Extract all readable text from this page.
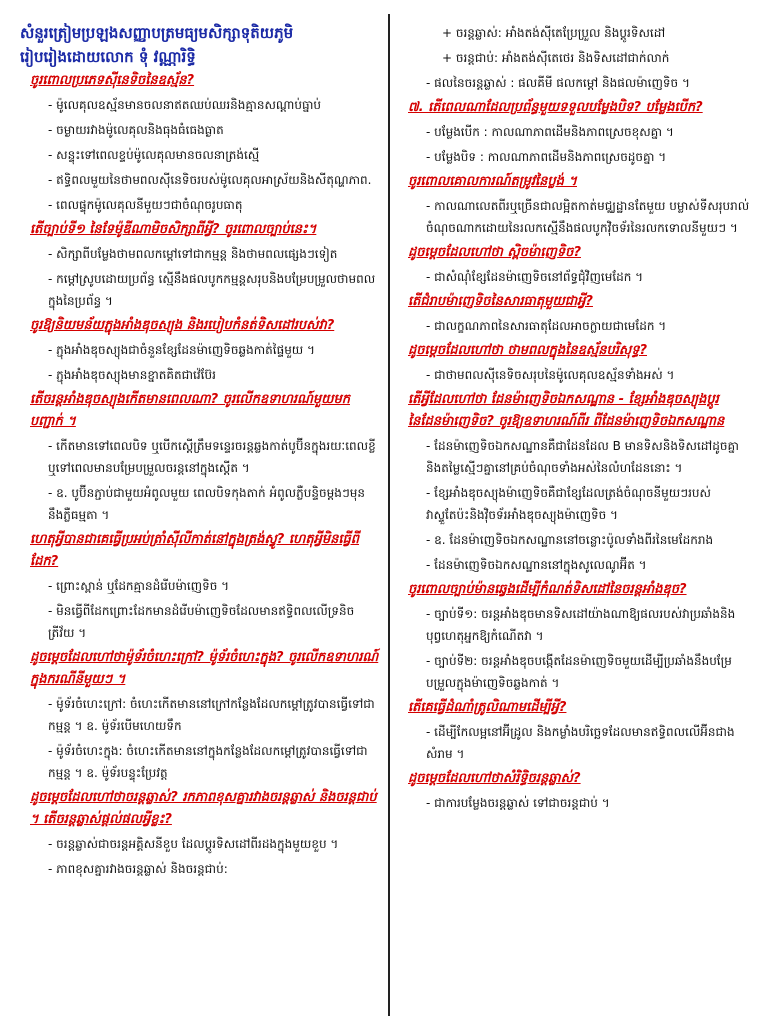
សំនួរត្រៀមប្រឡងសញ្ញាបត្រមធ្យមសិក្សាទុតិយភូមិ
រៀបរៀងដោយលោក ទុំ វណ្ណារិទ្ធិ
ចូរពោលប្រភេទស៊ីនេទិចនៃឧស្ម័ន?
- ម៉ូលេគុលឧស្ម័នមានចលនាឥតឈប់ឈរនិងគ្មានសណ្ដាប់ធ្នាប់
- ចម្ងាយរវាងម៉ូលេគុលនិងធុងធំធេងធ្ងាត
- សន្ទុះទៅពេលខ្ទប់ម៉ូលេគុលមានចលនាត្រង់ស្មើ
- ឥទ្ធិពលមួយនៃថាមពលស៊ីនេទិចរបស់ម៉ូលេគុលអាស្រ័យនិងសីតុណ្ហភាព.
- ពេលផ្ទុកម៉ូលេគុលនីមួយៗជាចំណុចរូបធាតុ
តើច្បាប់ទី១ នៃទែម៉ូឌីណាមិចសិក្សាពីអ្វី? ចូរពោលច្បាប់នេះ។
- សិក្សាពីបម្លែងថាមពលកម្ដៅទៅជាកម្មន្ដ និងថាមពលផ្សេងៗទៀត
- កម្ដៅស្រូបដោយប្រព័ន្ធ ស្មើនឹងផលបូកកម្មន្ដសរុបនិងបម្រែបម្រួលថាមពលក្នុងនៃប្រព័ន្ធ ។
ចូរឱ្យនិយមន័យភ្ជុងអាំងឌុចស្យុង និងរបៀបកំនត់ទិសដៅរបស់វា?
- ភ្ជុងអាំងឌុចស្យុងជាចំនួនខ្សែដែនម៉ាញេទិចឆ្លងកាត់ផ្ទៃមួយ ។
- ភ្ជុងអាំងឌុចស្យុងមានខ្នាតគិតជាវ៉េប៊ែរ
តើចរន្តអាំងឌុចស្យុងកើតមានពេលណា? ចូរលើកឧទាហរណ៍មួយមកបញ្ជាក់ ។
- កើតមានទៅពេលបិទ ឬបើកស្ដើត្រឹមទន្ទេរចរន្តឆ្លងកាត់បូប៊ីនក្នុងរយៈពេលខ្លី ឬទៅពេលមានបម្រែបម្រួលចរន្តនៅក្នុងស្ដើត ។
- ឧ. បូប៊ីនភ្ជាប់ជាមួយអំពូលមួយ ពេលបិទកុងតាក់ អំពូលភ្លឺបន្ទិចម្ដងៗមុននឹងភ្លឺធម្មតា ។
ហេតុអ្វីបានជាគេធ្វើប្រអប់ត្រាំស៊ីលីកាត់នៅក្នុងត្រង់ស្វូ? ហេតុអ្វីមិនធ្វើពីដែក?
- ព្រោះស្ពាន់ ឬដែកគ្មានដំរើបម៉ាញេទិច ។
- មិនធ្វើពីដែកព្រោះដែកមានដំរើបម៉ាញេទិចដែលមានឥទ្ធិពលលើទ្រនិចត្រីវ័យ ។
ដូចម្ដេចដែលហៅថាម៉ូទ័រចំហេះក្រៅ? ម៉ូទ័រចំហេះក្នុង? ចូរលើកឧទាហរណ៍ក្នុងករណីនីមួយៗ ។
- ម៉ូទ័រចំហេះក្រៅ: ចំហេះកើតមាននៅក្រៅកន្លែងដែលកម្ដៅត្រូវបានធ្វើទៅជាកម្មន្ដ ។ ឧ. ម៉ូទ័របើមហេយទឹក
- ម៉ូទ័រចំហេះក្នុង: ចំហេះកើតមាននៅក្នុងកន្លែងដែលកម្ដៅត្រូវបានធ្វើទៅជាកម្មន្ដ ។ ឧ. ម៉ូទ័របន្ទុះប្រែវត្ត
ដូចម្ដេចដែលហៅថាចរន្តឆ្លាស់? រកភាពខុសគ្នារវាងចរន្តឆ្លាស់ និងចរន្តជាប់ ។ តើចរន្តឆ្លាស់ផ្ដល់ផលអ្វីខ្លះ?
- ចរន្តឆ្លាស់ជាចរន្តអគ្គិសនីខួប ដែលប្ដូរទិសដៅពីរដងក្នុងមួយខួប ។
- ភាពខុសគ្នារវាងចរន្តឆ្លាស់ និងចរន្តជាប់:
+ ចរន្តឆ្លាស់: អាំងតង់ស៊ីតេប្រែប្រួល និងប្ដូរទិសដៅ
+ ចរន្តជាប់: អាំងតង់ស៊ីតេថេរ និងទិសដៅជាក់លាក់
- ផលនៃចរន្តឆ្លាស់ : ផលគីមី ផលកម្ដៅ និងផលម៉ាញេទិច ។
៧. តើពេលណាដែលប្រព័ន្ធមួយទទួលបម្លែងបិទ? បម្លែងបើក?
- បម្លែងបើក : កាលណាភាពដើមនិងភាពស្រេចខុសគ្នា ។
- បម្លែងបិទ : កាលណាភាពដើមនិងភាពស្រេចដូចគ្នា ។
ចូរពោលគោលការណ៍តម្រូវនៃប្លង់ ។
- កាលណាលេតពីរឬច្រើនជាលម្អិតកាត់មជ្ឈដ្ឋានតែមួយ បម្លាស់ទីសរុបរាល់ចំណុចណាកដោយនៃរលកស្មើនឹងផលបូកវ៉ិចទ័រនៃរលកទោលនីមួយៗ ។
ដូចម្ដេចដែលហៅថា ស្ពិចម៉ាញេទិច?
- ជាសំណុំខ្សែដែនម៉ាញេទិចនៅព័ទ្ធជុំវិញមេដែក ។
តើជំរាបម៉ាញេទិចនៃសារធាតុមួយជាអ្វី?
- ជាលក្ខណភាពនៃសារធាតុដែលអាចក្លាយជាមេដែក ។
ដូចម្ដេចដែលហៅថា ថាមពលក្នុងនៃឧស្ម័នបរិសុទ្ធ?
- ជាថាមពលស៊ីនេទិចសរុបនៃម៉ូលេគុលឧស្ម័នទាំងអស់ ។
តើអ្វីដែលហៅថា ដែនម៉ាញេទិចឯកសណ្ឋាន - ខ្សែអាំងឌុចស្យុងប្ដូរនៃដែនម៉ាញេទិច? ចូរឱ្យឧទាហរណ៍ពីរ ពីដែនម៉ាញេទិចឯកសណ្ឋាន
- ដែនម៉ាញេទិចឯកសណ្ឋានគឺជាដែនដែល B មានទិសនិងទិសដៅដូចគ្នា និងតម្លៃស្មើៗគ្នានៅគ្រប់ចំណុចទាំងអស់នៃលំហដែននោះ ។
- ខ្សែអាំងឌុចស្យុងម៉ាញេទិចគឺជាខ្សែដែលត្រង់ចំណុចនីមួយៗរបស់វាស្ទួតែប៉ះនិងវ៉ិចទ័រអាំងឌុចស្យុងម៉ាញេទិច ។
- ឧ. ដែនម៉ាញេទិចឯកសណ្ឋាននៅចន្លោះប៉ូលទាំងពីរនៃមេដែករាង
- ដែនម៉ាញេទិចឯកសណ្ឋាននៅក្នុងសូលេណូអ៊ីត ។
ចូរពោលច្បាប់ម៉ានឆ្វេងដើម្បីកំណត់ទិសដៅនៃចរន្តអាំងឌុច?
- ច្បាប់ទី១: ចរន្តអាំងឌុចមានទិសដៅយ៉ាងណាឱ្យផលរបស់វាប្រឆាំងនិងបុព្វហេតុអ្នកឱ្យកំណើតវា ។
- ច្បាប់ទី២: ចរន្តអាំងឌុចបង្កើតដែនម៉ាញេទិចមួយដើម្បីប្រឆាំងនឹងបម្រែបម្រួលភ្ជុងម៉ាញេទិចឆ្លងកាត់ ។
តើគេធ្វើដំណាំត្រូលិណាមដើម្បីអ្វី?
- ដើម្បីកែលម្អនៅអ៊ីដ្រូល និងកម្លាំងបរិច្ឆេទដែលមានឥទ្ធិពលលើអ៊ីនជាងសំរាម ។
ដូចម្ដេចដែលហៅថាសំរិទ្ធិចរន្តឆ្លាស់?
- ជាការបម្លែងចរន្តឆ្លាស់ ទៅជាចរន្តជាប់ ។
